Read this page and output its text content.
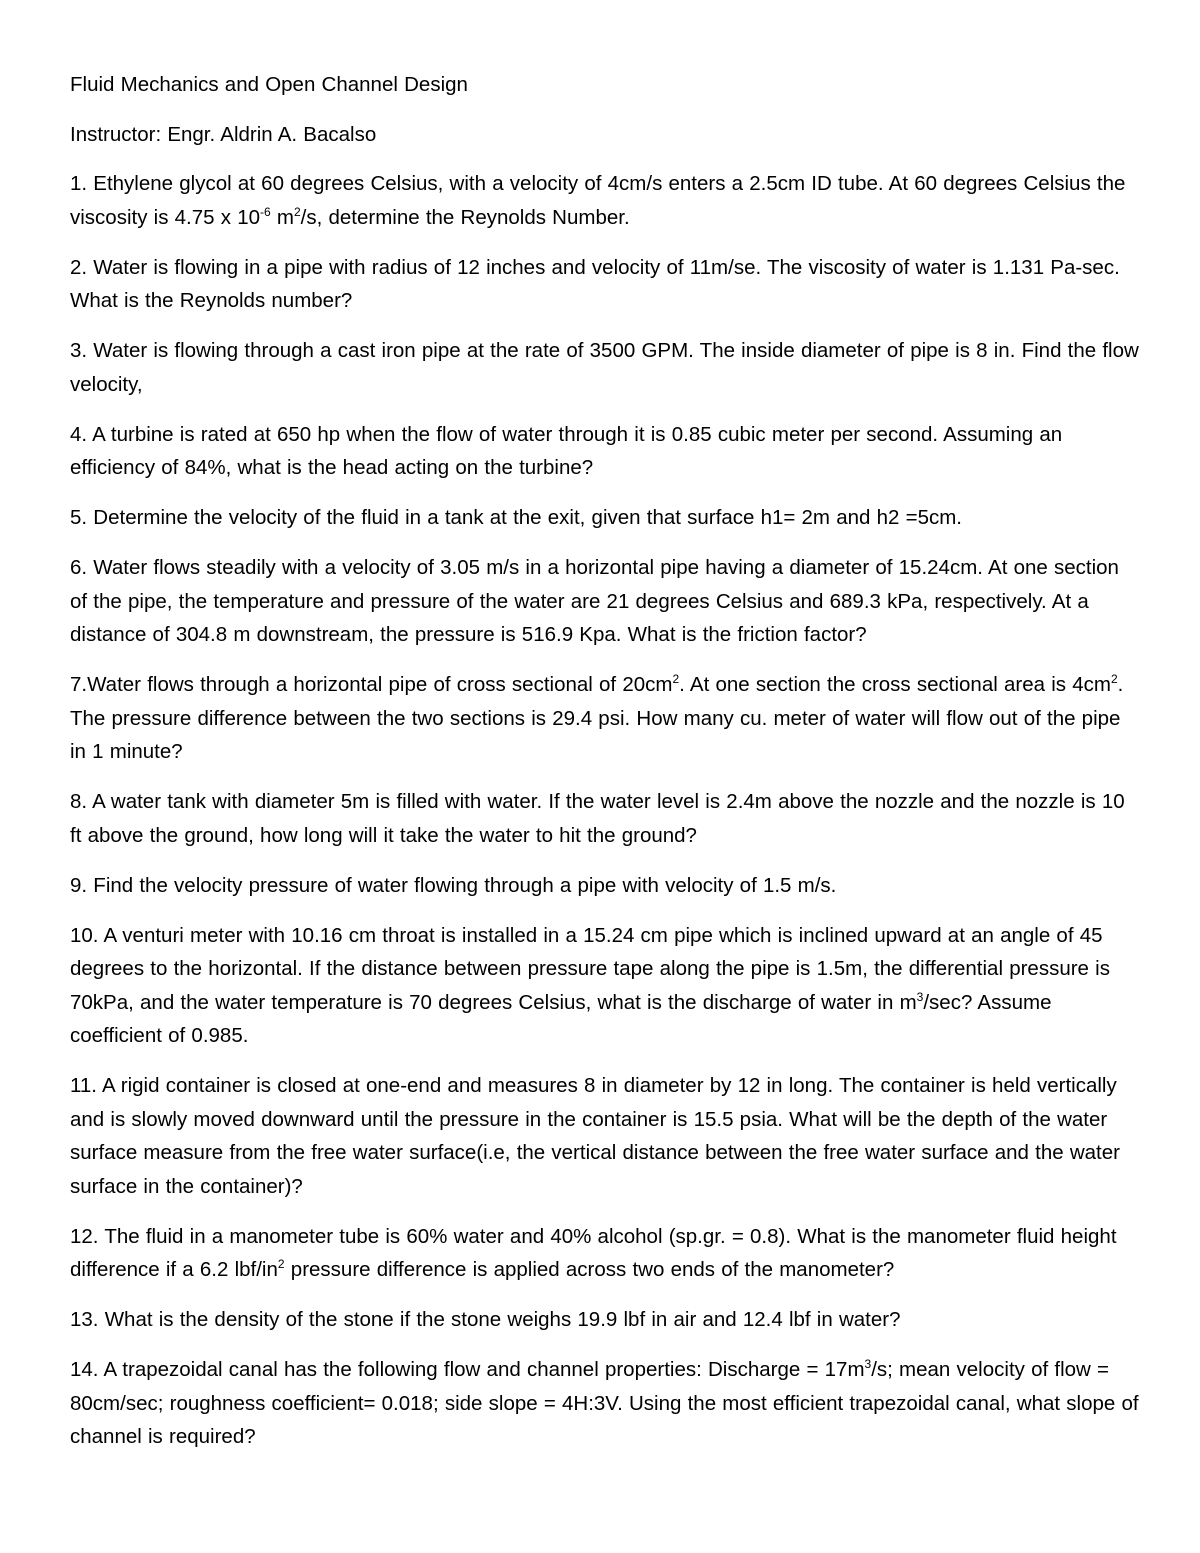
Fluid Mechanics and Open Channel Design
Instructor: Engr. Aldrin A. Bacalso
1. Ethylene glycol at 60 degrees Celsius, with a velocity of 4cm/s enters a 2.5cm ID tube. At 60 degrees Celsius the viscosity is 4.75 x $10^{-6}$ $m^2/s$, determine the Reynolds Number.
2. Water is flowing in a pipe with radius of 12 inches and velocity of 11m/se. The viscosity of water is 1.131 Pa-sec. What is the Reynolds number?
3. Water is flowing through a cast iron pipe at the rate of 3500 GPM. The inside diameter of pipe is 8 in. Find the flow velocity,
4. A turbine is rated at 650 hp when the flow of water through it is 0.85 cubic meter per second. Assuming an efficiency of 84%, what is the head acting on the turbine?
5. Determine the velocity of the fluid in a tank at the exit, given that surface h1= 2m and h2 =5cm.
6. Water flows steadily with a velocity of 3.05 m/s in a horizontal pipe having a diameter of 15.24cm. At one section of the pipe, the temperature and pressure of the water are 21 degrees Celsius and 689.3 kPa, respectively. At a distance of 304.8 m downstream, the pressure is 516.9 Kpa. What is the friction factor?
7.Water flows through a horizontal pipe of cross sectional of $20cm^2$. At one section the cross sectional area is $4cm^2$. The pressure difference between the two sections is 29.4 psi. How many cu. meter of water will flow out of the pipe in 1 minute?
8. A water tank with diameter 5m is filled with water. If the water level is 2.4m above the nozzle and the nozzle is 10 ft above the ground, how long will it take the water to hit the ground?
9. Find the velocity pressure of water flowing through a pipe with velocity of 1.5 m/s.
10. A venturi meter with 10.16 cm throat is installed in a 15.24 cm pipe which is inclined upward at an angle of 45 degrees to the horizontal. If the distance between pressure tape along the pipe is 1.5m, the differential pressure is 70kPa, and the water temperature is 70 degrees Celsius, what is the discharge of water in $m^3/\sec$? Assume coefficient of 0.985.
11. A rigid container is closed at one-end and measures 8 in diameter by 12 in long. The container is held vertically and is slowly moved downward until the pressure in the container is 15.5 psia. What will be the depth of the water surface measure from the free water surface(i.e, the vertical distance between the free water surface and the water surface in the container)?
12. The fluid in a manometer tube is 60% water and 40% alcohol (sp.gr. = 0.8). What is the manometer fluid height difference if a 6.2 lbf/$in^2$ pressure difference is applied across two ends of the manometer?
13. What is the density of the stone if the stone weighs 19.9 lbf in air and 12.4 lbf in water?
14. A trapezoidal canal has the following flow and channel properties: Discharge = $17m^3/s$; mean velocity of flow = 80cm/sec; roughness coefficient= 0.018; side slope = 4H:3V. Using the most efficient trapezoidal canal, what slope of channel is required?
